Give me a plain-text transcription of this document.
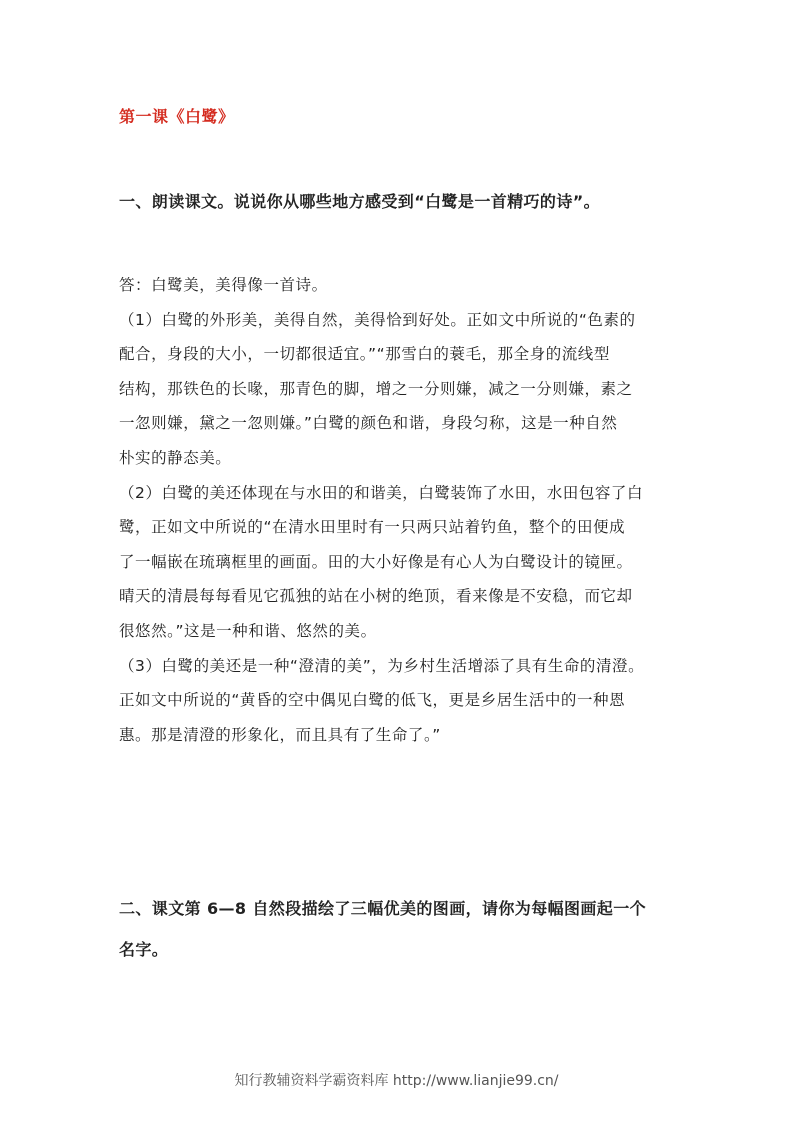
第一课《白鹭》
一、朗读课文。说说你从哪些地方感受到“白鹭是一首精巧的诗”。
答：白鹭美，美得像一首诗。
（1）白鹭的外形美，美得自然，美得恰到好处。正如文中所说的“色素的
配合，身段的大小，一切都很适宜。”“那雪白的蓑毛，那全身的流线型
结构，那铁色的长喙，那青色的脚，增之一分则嫌，减之一分则嫌，素之
一忽则嫌，黛之一忽则嫌。”白鹭的颜色和谐，身段匀称，这是一种自然
朴实的静态美。
（2）白鹭的美还体现在与水田的和谐美，白鹭装饰了水田，水田包容了白
鹭，正如文中所说的“在清水田里时有一只两只站着钓鱼，整个的田便成
了一幅嵌在琉璃框里的画面。田的大小好像是有心人为白鹭设计的镜匣。
晴天的清晨每每看见它孤独的站在小树的绝顶，看来像是不安稳，而它却
很悠然。”这是一种和谐、悠然的美。
（3）白鹭的美还是一种“澄清的美”，为乡村生活增添了具有生命的清澄。
正如文中所说的“黄昏的空中偶见白鹭的低飞，更是乡居生活中的一种恩
惠。那是清澄的形象化，而且具有了生命了。”
二、课文第 6—8 自然段描绘了三幅优美的图画，请你为每幅图画起一个
名字。
知行教辅资料学霸资料库 http://www.lianjie99.cn/
